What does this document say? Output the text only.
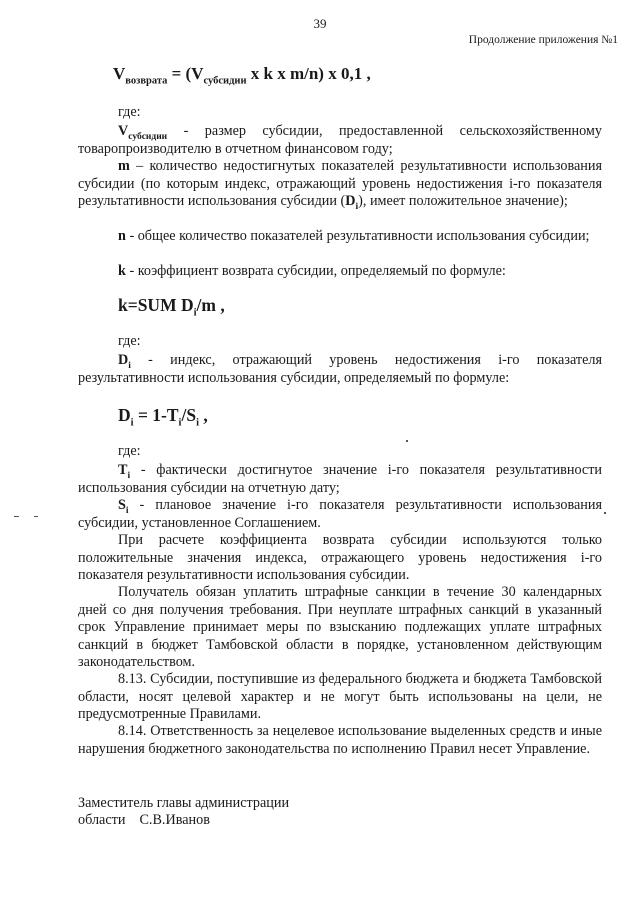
39
Продолжение приложения №1
$V_{возврата} = (V_{субсидии}$ х k х m/n) х 0,1 ,
где:

$V_{субсидии}$ - размер субсидии, предоставленной сельскохозяйственному товаропроизводителю в отчетном финансовом году;

m – количество недостигнутых показателей результативности использования субсидии (по которым индекс, отражающий уровень недостижения i-го показателя результативности использования субсидии $(D_i)$, имеет положительное значение);

n - общее количество показателей результативности использования субсидии;

k - коэффициент возврата субсидии, определяемый по формуле:

k=SUM $D_i/m$ ,
где:

$D_i$ - индекс, отражающий уровень недостижения i-го показателя результативности использования субсидии, определяемый по формуле:

$D_i = 1-T_i/S_i$ ,
где:

$T_i$ - фактически достигнутое значение i-го показателя результативности использования субсидии на отчетную дату;

$S_i$ - плановое значение i-го показателя результативности использования субсидии, установленное Соглашением.

При расчете коэффициента возврата субсидии используются только положительные значения индекса, отражающего уровень недостижения i-го показателя результативности использования субсидии.

Получатель обязан уплатить штрафные санкции в течение 30 календарных дней со дня получения требования. При неуплате штрафных санкций в указанный срок Управление принимает меры по взысканию подлежащих уплате штрафных санкций в бюджет Тамбовской области в порядке, установленном действующим законодательством.

8.13. Субсидии, поступившие из федерального бюджета и бюджета Тамбовской области, носят целевой характер и не могут быть использованы на цели, не предусмотренные Правилами.

8.14. Ответственность за нецелевое использование выделенных средств и иные нарушения бюджетного законодательства по исполнению Правил несет Управление.

Заместитель главы администрации
области С.В.Иванов
